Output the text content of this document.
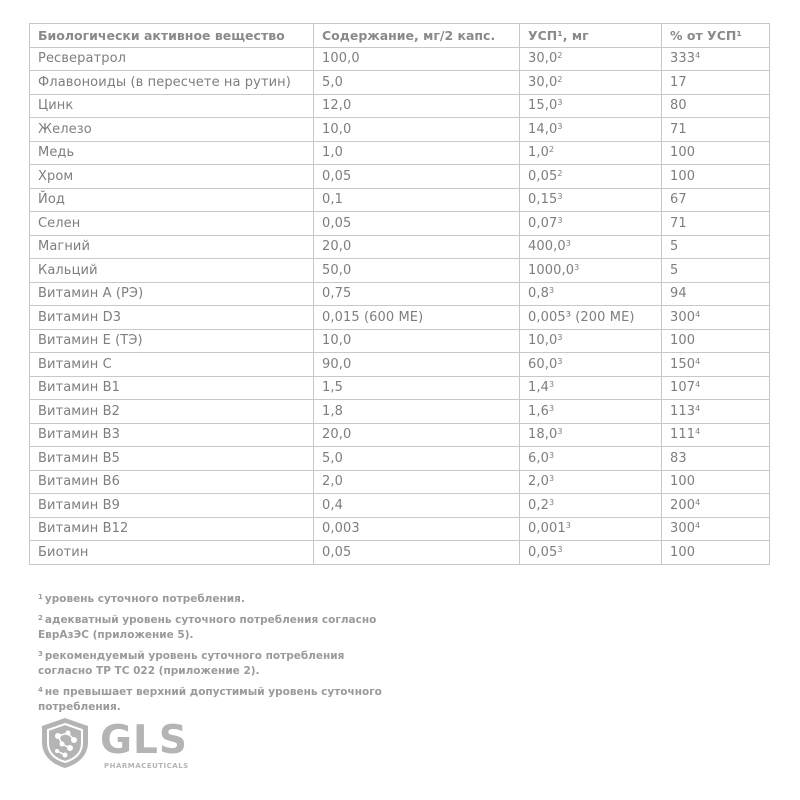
Биологически активное вещество	Содержание, мг/2 капс.	УСП¹, мг	% от УСП¹
Ресвератрол	100,0	30,0$^2$	$333^4$
Флавоноиды (в пересчете на рутин)	5,0	30,0$^2$	17
Цинк	12,0	15,0$^3$	80
Железо	10,0	14,0$^3$	71
Медь	1,0	$1,0^2$	100
Хром	0,05	0,05$^2$	100
Йод	0,1	0,15$^3$	67
Селен	0,05	0,07$^3$	71
Магний	20,0	400,0$^3$	5
Кальций	50,0	1000,0$^3$	5
Витамин А (РЭ)	0,75	$0,8^3$	94
Витамин D3	0,015 (600 МЕ)	0,005³ (200 МЕ)	$300^4$
Витамин Е (ТЭ)	10,0	10,0$^3$	100
Витамин С	90,0	60,0$^3$	$150^4$
Витамин В1	1,5	$1,4^3$	$107^4$
Витамин В2	1,8	$1,6^3$	$113^4$
Витамин В3	20,0	18,0$^3$	$111^4$
Витамин В5	5,0	$6,0^3$	83
Витамин В6	2,0	$2,0^3$	100
Витамин В9	0,4	$0,2^3$	$200^4$
Витамин В12	0,003	0,001$^3$	$300^4$
Биотин	0,05	0,05$^3$	100
$^1$ уровень суточного потребления.
$^2$ адекватный уровень суточного потребления согласно ЕврАзЭС (приложение 5).
$^3$ рекомендуемый уровень суточного потребления согласно ТР ТС 022 (приложение 2).
$^4$ не превышает верхний допустимый уровень суточного потребления.
GLS
PHARMACEUTICALS
